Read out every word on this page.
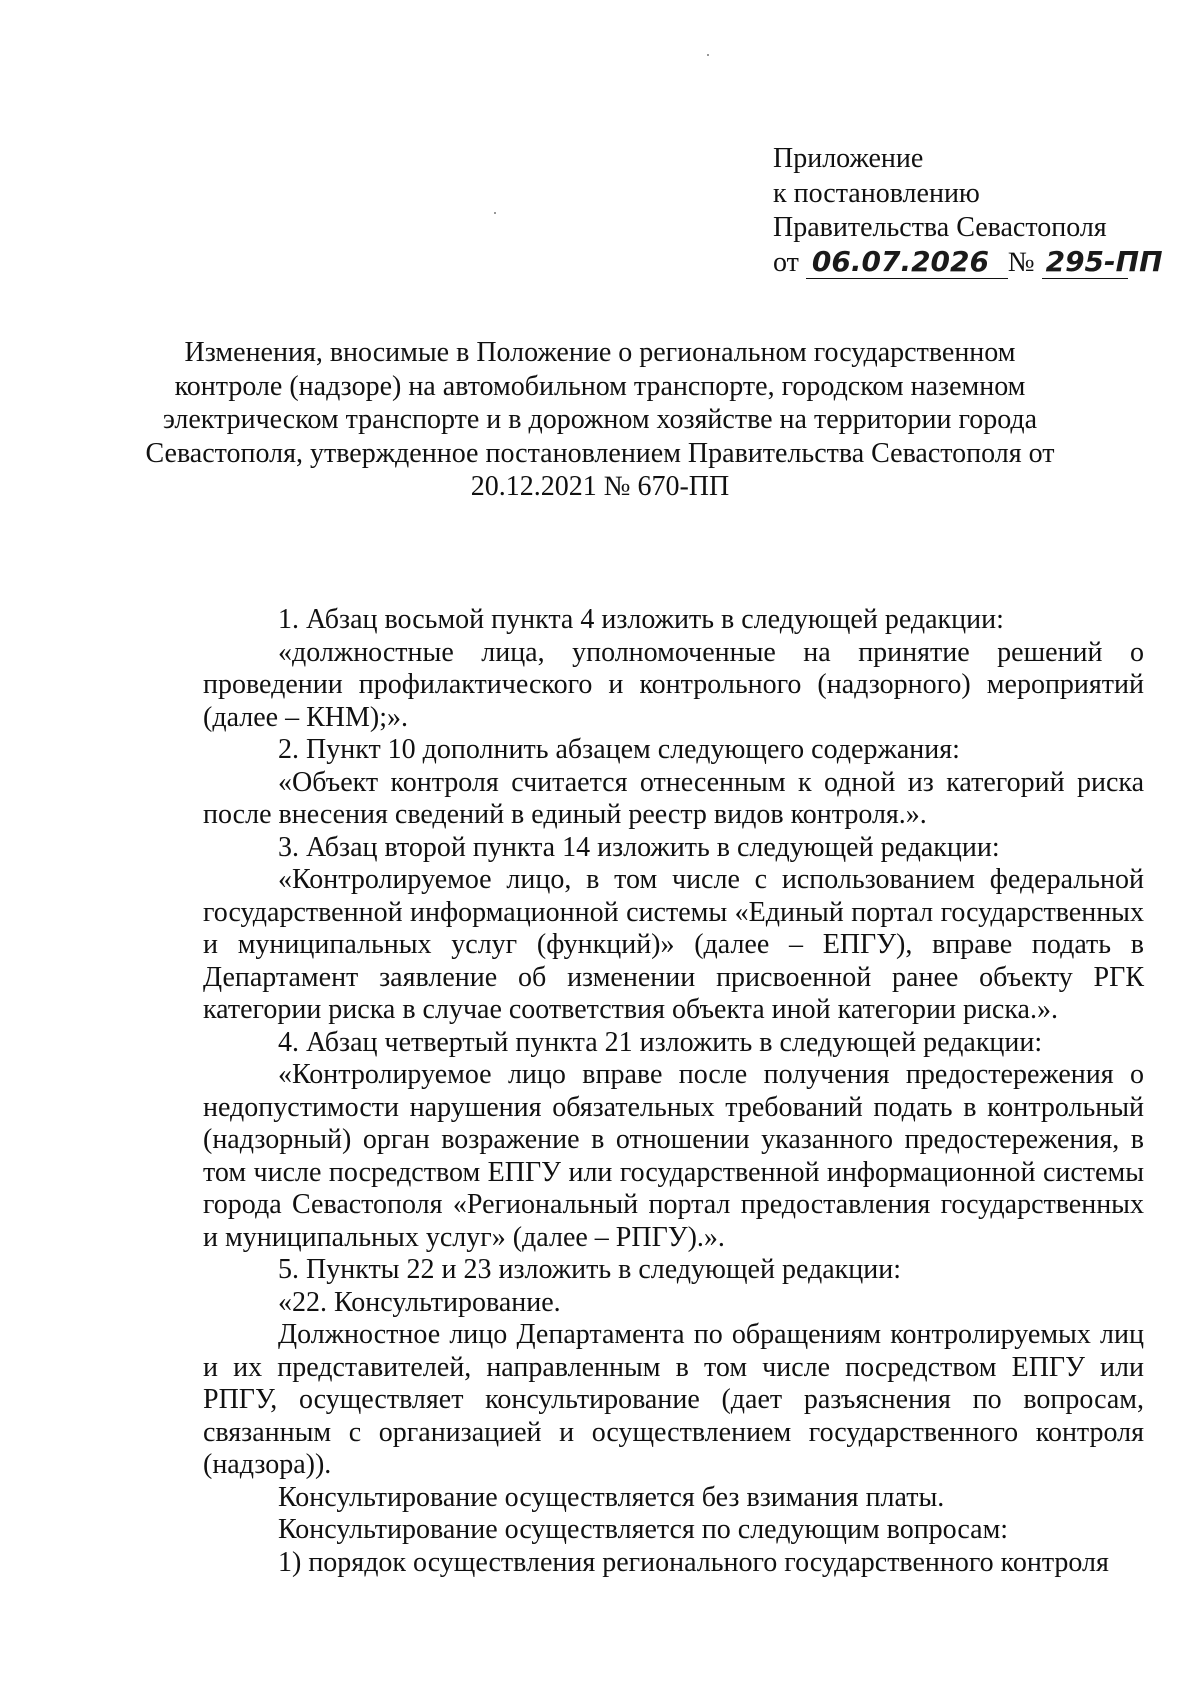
Приложение
к постановлению
Правительства Севастополя
от 06.07.2026 № 295-ПП
Изменения, вносимые в Положение о региональном государственном контроле (надзоре) на автомобильном транспорте, городском наземном электрическом транспорте и в дорожном хозяйстве на территории города Севастополя, утвержденное постановлением Правительства Севастополя от 20.12.2021 № 670-ПП

1. Абзац восьмой пункта 4 изложить в следующей редакции:

«должностные лица, уполномоченные на принятие решений о проведении профилактического и контрольного (надзорного) мероприятий (далее – КНМ);».

2. Пункт 10 дополнить абзацем следующего содержания:

«Объект контроля считается отнесенным к одной из категорий риска после внесения сведений в единый реестр видов контроля.».

3. Абзац второй пункта 14 изложить в следующей редакции:

«Контролируемое лицо, в том числе с использованием федеральной государственной информационной системы «Единый портал государственных и муниципальных услуг (функций)» (далее – ЕПГУ), вправе подать в Департамент заявление об изменении присвоенной ранее объекту РГК категории риска в случае соответствия объекта иной категории риска.».

4. Абзац четвертый пункта 21 изложить в следующей редакции:

«Контролируемое лицо вправе после получения предостережения о недопустимости нарушения обязательных требований подать в контрольный (надзорный) орган возражение в отношении указанного предостережения, в том числе посредством ЕПГУ или государственной информационной системы города Севастополя «Региональный портал предоставления государственных и муниципальных услуг» (далее – РПГУ).».

5. Пункты 22 и 23 изложить в следующей редакции:

«22. Консультирование.

Должностное лицо Департамента по обращениям контролируемых лиц и их представителей, направленным в том числе посредством ЕПГУ или РПГУ, осуществляет консультирование (дает разъяснения по вопросам, связанным с организацией и осуществлением государственного контроля (надзора)).

Консультирование осуществляется без взимания платы.

Консультирование осуществляется по следующим вопросам:

1) порядок осуществления регионального государственного контроля
